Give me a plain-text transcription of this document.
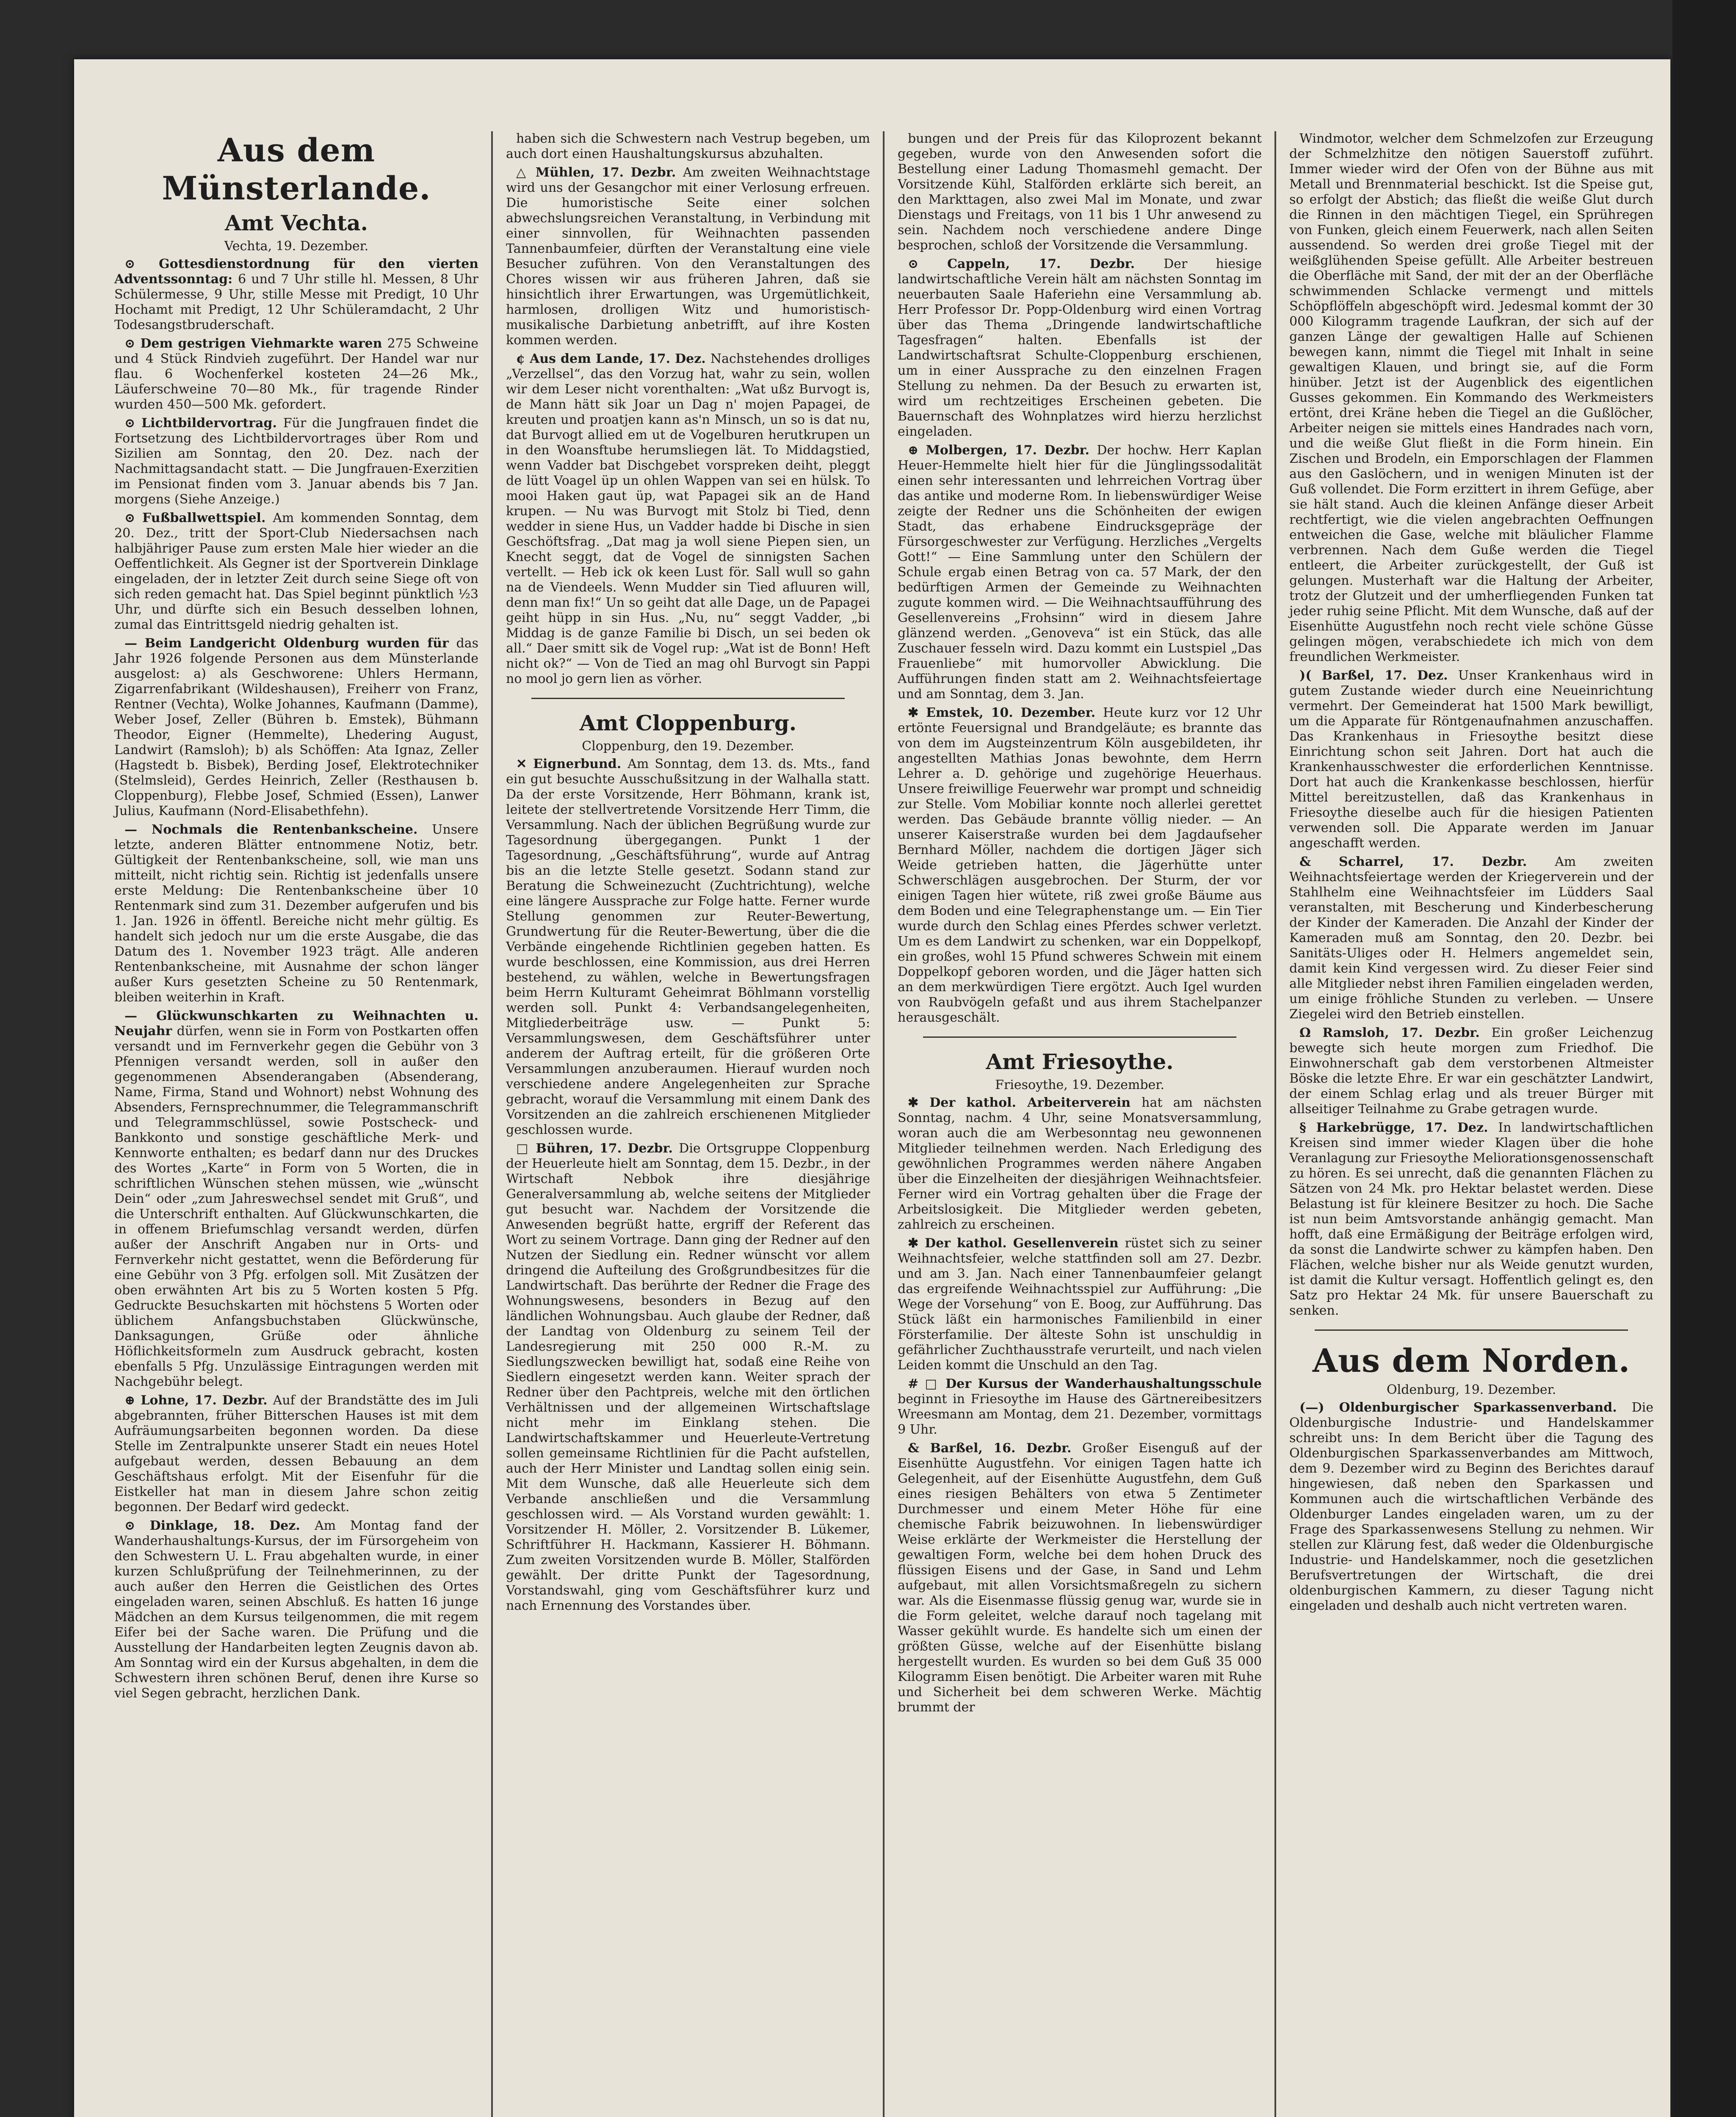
Aus dem Münsterlande.
Amt Vechta.
Vechta, 19. Dezember.

⊙ Gottesdienstordnung für den vierten Adventssonntag: 6 und 7 Uhr stille hl. Messen, 8 Uhr Schülermesse, 9 Uhr, stille Messe mit Predigt, 10 Uhr Hochamt mit Predigt, 12 Uhr Schüleramdacht, 2 Uhr Todesangstbruderschaft.

⊙ Dem gestrigen Viehmarkte waren 275 Schweine und 4 Stück Rindvieh zugeführt. Der Handel war nur flau. 6 Wochenferkel kosteten 24—26 Mk., Läuferschweine 70—80 Mk., für tragende Rinder wurden 450—500 Mk. gefordert.

⊙ Lichtbildervortrag. Für die Jungfrauen findet die Fortsetzung des Lichtbildervortrages über Rom und Sizilien am Sonntag, den 20. Dez. nach der Nachmittagsandacht statt. — Die Jungfrauen-Exerzitien im Pensionat finden vom 3. Januar abends bis 7 Jan. morgens (Siehe Anzeige.)

⊙ Fußballwettspiel. Am kommenden Sonntag, dem 20. Dez., tritt der Sport-Club Niedersachsen nach halbjähriger Pause zum ersten Male hier wieder an die Oeffentlichkeit. Als Gegner ist der Sportverein Dinklage eingeladen, der in letzter Zeit durch seine Siege oft von sich reden gemacht hat. Das Spiel beginnt pünktlich ½3 Uhr, und dürfte sich ein Besuch desselben lohnen, zumal das Eintrittsgeld niedrig gehalten ist.

— Beim Landgericht Oldenburg wurden für das Jahr 1926 folgende Personen aus dem Münsterlande ausgelost: a) als Geschworene: Uhlers Hermann, Zigarrenfabrikant (Wildeshausen), Freiherr von Franz, Rentner (Vechta), Wolke Johannes, Kaufmann (Damme), Weber Josef, Zeller (Bühren b. Emstek), Bühmann Theodor, Eigner (Hemmelte), Lhedering August, Landwirt (Ramsloh); b) als Schöffen: Ata Ignaz, Zeller (Hagstedt b. Bisbek), Berding Josef, Elektrotechniker (Stelmsleid), Gerdes Heinrich, Zeller (Resthausen b. Cloppenburg), Flebbe Josef, Schmied (Essen), Lanwer Julius, Kaufmann (Nord-Elisabethfehn).

— Nochmals die Rentenbankscheine. Unsere letzte, anderen Blätter entnommene Notiz, betr. Gültigkeit der Rentenbankscheine, soll, wie man uns mitteilt, nicht richtig sein. Richtig ist jedenfalls unsere erste Meldung: Die Rentenbankscheine über 10 Rentenmark sind zum 31. Dezember aufgerufen und bis 1. Jan. 1926 in öffentl. Bereiche nicht mehr gültig. Es handelt sich jedoch nur um die erste Ausgabe, die das Datum des 1. November 1923 trägt. Alle anderen Rentenbankscheine, mit Ausnahme der schon länger außer Kurs gesetzten Scheine zu 50 Rentenmark, bleiben weiterhin in Kraft.

— Glückwunschkarten zu Weihnachten u. Neujahr dürfen, wenn sie in Form von Postkarten offen versandt und im Fernverkehr gegen die Gebühr von 3 Pfennigen versandt werden, soll in außer den gegenommenen Absenderangaben (Absenderang, Name, Firma, Stand und Wohnort) nebst Wohnung des Absenders, Fernsprechnummer, die Telegrammanschrift und Telegrammschlüssel, sowie Postscheck- und Bankkonto und sonstige geschäftliche Merk- und Kennworte enthalten; es bedarf dann nur des Druckes des Wortes „Karte“ in Form von 5 Worten, die in schriftlichen Wünschen stehen müssen, wie „wünscht Dein“ oder „zum Jahreswechsel sendet mit Gruß“, und die Unterschrift enthalten. Auf Glückwunschkarten, die in offenem Briefumschlag versandt werden, dürfen außer der Anschrift Angaben nur in Orts- und Fernverkehr nicht gestattet, wenn die Beförderung für eine Gebühr von 3 Pfg. erfolgen soll. Mit Zusätzen der oben erwähnten Art bis zu 5 Worten kosten 5 Pfg. Gedruckte Besuchskarten mit höchstens 5 Worten oder üblichem Anfangsbuchstaben Glückwünsche, Danksagungen, Grüße oder ähnliche Höflichkeitsformeln zum Ausdruck gebracht, kosten ebenfalls 5 Pfg. Unzulässige Eintragungen werden mit Nachgebühr belegt.

⊕ Lohne, 17. Dezbr. Auf der Brandstätte des im Juli abgebrannten, früher Bitterschen Hauses ist mit dem Aufräumungsarbeiten begonnen worden. Da diese Stelle im Zentralpunkte unserer Stadt ein neues Hotel aufgebaut werden, dessen Bebauung an dem Geschäftshaus erfolgt. Mit der Eisenfuhr für die Eistkeller hat man in diesem Jahre schon zeitig begonnen. Der Bedarf wird gedeckt.

⊙ Dinklage, 18. Dez. Am Montag fand der Wanderhaushaltungs-Kursus, der im Fürsorgeheim von den Schwestern U. L. Frau abgehalten wurde, in einer kurzen Schlußprüfung der Teilnehmerinnen, zu der auch außer den Herren die Geistlichen des Ortes eingeladen waren, seinen Abschluß. Es hatten 16 junge Mädchen an dem Kursus teilgenommen, die mit regem Eifer bei der Sache waren. Die Prüfung und die Ausstellung der Handarbeiten legten Zeugnis davon ab. Am Sonntag wird ein der Kursus abgehalten, in dem die Schwestern ihren schönen Beruf, denen ihre Kurse so viel Segen gebracht, herzlichen Dank.

haben sich die Schwestern nach Vestrup begeben, um auch dort einen Haushaltungskursus abzuhalten.

△ Mühlen, 17. Dezbr. Am zweiten Weihnachtstage wird uns der Gesangchor mit einer Verlosung erfreuen. Die humoristische Seite einer solchen abwechslungsreichen Veranstaltung, in Verbindung mit einer sinnvollen, für Weihnachten passenden Tannenbaumfeier, dürften der Veranstaltung eine viele Besucher zuführen. Von den Veranstaltungen des Chores wissen wir aus früheren Jahren, daß sie hinsichtlich ihrer Erwartungen, was Urgemütlichkeit, harmlosen, drolligen Witz und humoristisch-musikalische Darbietung anbetrifft, auf ihre Kosten kommen werden.

¢ Aus dem Lande, 17. Dez. Nachstehendes drolliges „Verzellsel“, das den Vorzug hat, wahr zu sein, wollen wir dem Leser nicht vorenthalten: „Wat ußz Burvogt is, de Mann hätt sik Joar un Dag n' mojen Papagei, de kreuten und proatjen kann as'n Minsch, un so is dat nu, dat Burvogt allied em ut de Vogelburen herutkrupen un in den Woansftube herumsliegen lät. To Middagstied, wenn Vadder bat Dischgebet vorspreken deiht, pleggt de lütt Voagel üp un ohlen Wappen van sei en hülsk. To mooi Haken gaut üp, wat Papagei sik an de Hand krupen. — Nu was Burvogt mit Stolz bi Tied, denn wedder in siene Hus, un Vadder hadde bi Dische in sien Geschöftsfrag. „Dat mag ja woll siene Piepen sien, un Knecht seggt, dat de Vogel de sinnigsten Sachen vertellt. — Heb ick ok keen Lust för. Sall wull so gahn na de Viendeels. Wenn Mudder sin Tied afluuren will, denn man fix!“ Un so geiht dat alle Dage, un de Papagei geiht hüpp in sin Hus. „Nu, nu“ seggt Vadder, „bi Middag is de ganze Familie bi Disch, un sei beden ok all.“ Daer smitt sik de Vogel rup: „Wat ist de Bonn! Heft nicht ok?“ — Von de Tied an mag ohl Burvogt sin Pappi no mool jo gern lien as vörher.

Amt Cloppenburg.
Cloppenburg, den 19. Dezember.

✕ Eignerbund. Am Sonntag, dem 13. ds. Mts., fand ein gut besuchte Ausschußsitzung in der Walhalla statt. Da der erste Vorsitzende, Herr Böhmann, krank ist, leitete der stellvertretende Vorsitzende Herr Timm, die Versammlung. Nach der üblichen Begrüßung wurde zur Tagesordnung übergegangen. Punkt 1 der Tagesordnung, „Geschäftsführung“, wurde auf Antrag bis an die letzte Stelle gesetzt. Sodann stand zur Beratung die Schweinezucht (Zuchtrichtung), welche eine längere Aussprache zur Folge hatte. Ferner wurde Stellung genommen zur Reuter-Bewertung, Grundwertung für die Reuter-Bewertung, über die die Verbände eingehende Richtlinien gegeben hatten. Es wurde beschlossen, eine Kommission, aus drei Herren bestehend, zu wählen, welche in Bewertungsfragen beim Herrn Kulturamt Geheimrat Böhlmann vorstellig werden soll. Punkt 4: Verbandsangelegenheiten, Mitgliederbeiträge usw. — Punkt 5: Versammlungswesen, dem Geschäftsführer unter anderem der Auftrag erteilt, für die größeren Orte Versammlungen anzuberaumen. Hierauf wurden noch verschiedene andere Angelegenheiten zur Sprache gebracht, worauf die Versammlung mit einem Dank des Vorsitzenden an die zahlreich erschienenen Mitglieder geschlossen wurde.

□ Bühren, 17. Dezbr. Die Ortsgruppe Cloppenburg der Heuerleute hielt am Sonntag, dem 15. Dezbr., in der Wirtschaft Nebbok ihre diesjährige Generalversammlung ab, welche seitens der Mitglieder gut besucht war. Nachdem der Vorsitzende die Anwesenden begrüßt hatte, ergriff der Referent das Wort zu seinem Vortrage. Dann ging der Redner auf den Nutzen der Siedlung ein. Redner wünscht vor allem dringend die Aufteilung des Großgrundbesitzes für die Landwirtschaft. Das berührte der Redner die Frage des Wohnungswesens, besonders in Bezug auf den ländlichen Wohnungsbau. Auch glaube der Redner, daß der Landtag von Oldenburg zu seinem Teil der Landesregierung mit 250 000 R.-M. zu Siedlungszwecken bewilligt hat, sodaß eine Reihe von Siedlern eingesetzt werden kann. Weiter sprach der Redner über den Pachtpreis, welche mit den örtlichen Verhältnissen und der allgemeinen Wirtschaftslage nicht mehr im Einklang stehen. Die Landwirtschaftskammer und Heuerleute-Vertretung sollen gemeinsame Richtlinien für die Pacht aufstellen, auch der Herr Minister und Landtag sollen einig sein. Mit dem Wunsche, daß alle Heuerleute sich dem Verbande anschließen und die Versammlung geschlossen wird. — Als Vorstand wurden gewählt: 1. Vorsitzender H. Möller, 2. Vorsitzender B. Lükemer, Schriftführer H. Hackmann, Kassierer H. Böhmann. Zum zweiten Vorsitzenden wurde B. Möller, Stalförden gewählt. Der dritte Punkt der Tagesordnung, Vorstandswahl, ging vom Geschäftsführer kurz und nach Ernennung des Vorstandes über.

bungen und der Preis für das Kiloprozent bekannt gegeben, wurde von den Anwesenden sofort die Bestellung einer Ladung Thomasmehl gemacht. Der Vorsitzende Kühl, Stalförden erklärte sich bereit, an den Markttagen, also zwei Mal im Monate, und zwar Dienstags und Freitags, von 11 bis 1 Uhr anwesend zu sein. Nachdem noch verschiedene andere Dinge besprochen, schloß der Vorsitzende die Versammlung.

⊙ Cappeln, 17. Dezbr. Der hiesige landwirtschaftliche Verein hält am nächsten Sonntag im neuerbauten Saale Haferiehn eine Versammlung ab. Herr Professor Dr. Popp-Oldenburg wird einen Vortrag über das Thema „Dringende landwirtschaftliche Tagesfragen“ halten. Ebenfalls ist der Landwirtschaftsrat Schulte-Cloppenburg erschienen, um in einer Aussprache zu den einzelnen Fragen Stellung zu nehmen. Da der Besuch zu erwarten ist, wird um rechtzeitiges Erscheinen gebeten. Die Bauernschaft des Wohnplatzes wird hierzu herzlichst eingeladen.

⊕ Molbergen, 17. Dezbr. Der hochw. Herr Kaplan Heuer-Hemmelte hielt hier für die Jünglingssodalität einen sehr interessanten und lehrreichen Vortrag über das antike und moderne Rom. In liebenswürdiger Weise zeigte der Redner uns die Schönheiten der ewigen Stadt, das erhabene Eindrucksgepräge der Fürsorgeschwester zur Verfügung. Herzliches „Vergelts Gott!“ — Eine Sammlung unter den Schülern der Schule ergab einen Betrag von ca. 57 Mark, der den bedürftigen Armen der Gemeinde zu Weihnachten zugute kommen wird. — Die Weihnachtsaufführung des Gesellenvereins „Frohsinn“ wird in diesem Jahre glänzend werden. „Genoveva“ ist ein Stück, das alle Zuschauer fesseln wird. Dazu kommt ein Lustspiel „Das Frauenliebe“ mit humorvoller Abwicklung. Die Aufführungen finden statt am 2. Weihnachtsfeiertage und am Sonntag, dem 3. Jan.

✱ Emstek, 10. Dezember. Heute kurz vor 12 Uhr ertönte Feuersignal und Brandgeläute; es brannte das von dem im Augsteinzentrum Köln ausgebildeten, ihr angestellten Mathias Jonas bewohnte, dem Herrn Lehrer a. D. gehörige und zugehörige Heuerhaus. Unsere freiwillige Feuerwehr war prompt und schneidig zur Stelle. Vom Mobiliar konnte noch allerlei gerettet werden. Das Gebäude brannte völlig nieder. — An unserer Kaiserstraße wurden bei dem Jagdaufseher Bernhard Möller, nachdem die dortigen Jäger sich Weide getrieben hatten, die Jägerhütte unter Schwerschlägen ausgebrochen. Der Sturm, der vor einigen Tagen hier wütete, riß zwei große Bäume aus dem Boden und eine Telegraphenstange um. — Ein Tier wurde durch den Schlag eines Pferdes schwer verletzt. Um es dem Landwirt zu schenken, war ein Doppelkopf, ein großes, wohl 15 Pfund schweres Schwein mit einem Doppelkopf geboren worden, und die Jäger hatten sich an dem merkwürdigen Tiere ergötzt. Auch Igel wurden von Raubvögeln gefaßt und aus ihrem Stachelpanzer herausgeschält.

Amt Friesoythe.
Friesoythe, 19. Dezember.

✱ Der kathol. Arbeiterverein hat am nächsten Sonntag, nachm. 4 Uhr, seine Monatsversammlung, woran auch die am Werbesonntag neu gewonnenen Mitglieder teilnehmen werden. Nach Erledigung des gewöhnlichen Programmes werden nähere Angaben über die Einzelheiten der diesjährigen Weihnachtsfeier. Ferner wird ein Vortrag gehalten über die Frage der Arbeitslosigkeit. Die Mitglieder werden gebeten, zahlreich zu erscheinen.

✱ Der kathol. Gesellenverein rüstet sich zu seiner Weihnachtsfeier, welche stattfinden soll am 27. Dezbr. und am 3. Jan. Nach einer Tannenbaumfeier gelangt das ergreifende Weihnachtsspiel zur Aufführung: „Die Wege der Vorsehung“ von E. Boog, zur Aufführung. Das Stück läßt ein harmonisches Familienbild in einer Försterfamilie. Der älteste Sohn ist unschuldig in gefährlicher Zuchthausstrafe verurteilt, und nach vielen Leiden kommt die Unschuld an den Tag.

# □ Der Kursus der Wanderhaushaltungsschule beginnt in Friesoythe im Hause des Gärtnereibesitzers Wreesmann am Montag, dem 21. Dezember, vormittags 9 Uhr.

& Barßel, 16. Dezbr. Großer Eisenguß auf der Eisenhütte Augustfehn. Vor einigen Tagen hatte ich Gelegenheit, auf der Eisenhütte Augustfehn, dem Guß eines riesigen Behälters von etwa 5 Zentimeter Durchmesser und einem Meter Höhe für eine chemische Fabrik beizuwohnen. In liebenswürdiger Weise erklärte der Werkmeister die Herstellung der gewaltigen Form, welche bei dem hohen Druck des flüssigen Eisens und der Gase, in Sand und Lehm aufgebaut, mit allen Vorsichtsmaßregeln zu sichern war. Als die Eisenmasse flüssig genug war, wurde sie in die Form geleitet, welche darauf noch tagelang mit Wasser gekühlt wurde. Es handelte sich um einen der größten Güsse, welche auf der Eisenhütte bislang hergestellt wurden. Es wurden so bei dem Guß 35 000 Kilogramm Eisen benötigt. Die Arbeiter waren mit Ruhe und Sicherheit bei dem schweren Werke. Mächtig brummt der

Windmotor, welcher dem Schmelzofen zur Erzeugung der Schmelzhitze den nötigen Sauerstoff zuführt. Immer wieder wird der Ofen von der Bühne aus mit Metall und Brennmaterial beschickt. Ist die Speise gut, so erfolgt der Abstich; das fließt die weiße Glut durch die Rinnen in den mächtigen Tiegel, ein Sprühregen von Funken, gleich einem Feuerwerk, nach allen Seiten aussendend. So werden drei große Tiegel mit der weißglühenden Speise gefüllt. Alle Arbeiter bestreuen die Oberfläche mit Sand, der mit der an der Oberfläche schwimmenden Schlacke vermengt und mittels Schöpflöffeln abgeschöpft wird. Jedesmal kommt der 30 000 Kilogramm tragende Laufkran, der sich auf der ganzen Länge der gewaltigen Halle auf Schienen bewegen kann, nimmt die Tiegel mit Inhalt in seine gewaltigen Klauen, und bringt sie, auf die Form hinüber. Jetzt ist der Augenblick des eigentlichen Gusses gekommen. Ein Kommando des Werkmeisters ertönt, drei Kräne heben die Tiegel an die Gußlöcher, Arbeiter neigen sie mittels eines Handrades nach vorn, und die weiße Glut fließt in die Form hinein. Ein Zischen und Brodeln, ein Emporschlagen der Flammen aus den Gaslöchern, und in wenigen Minuten ist der Guß vollendet. Die Form erzittert in ihrem Gefüge, aber sie hält stand. Auch die kleinen Anfänge dieser Arbeit rechtfertigt, wie die vielen angebrachten Oeffnungen entweichen die Gase, welche mit bläulicher Flamme verbrennen. Nach dem Guße werden die Tiegel entleert, die Arbeiter zurückgestellt, der Guß ist gelungen. Musterhaft war die Haltung der Arbeiter, trotz der Glutzeit und der umherfliegenden Funken tat jeder ruhig seine Pflicht. Mit dem Wunsche, daß auf der Eisenhütte Augustfehn noch recht viele schöne Güsse gelingen mögen, verabschiedete ich mich von dem freundlichen Werkmeister.

)( Barßel, 17. Dez. Unser Krankenhaus wird in gutem Zustande wieder durch eine Neueinrichtung vermehrt. Der Gemeinderat hat 1500 Mark bewilligt, um die Apparate für Röntgenaufnahmen anzuschaffen. Das Krankenhaus in Friesoythe besitzt diese Einrichtung schon seit Jahren. Dort hat auch die Krankenhausschwester die erforderlichen Kenntnisse. Dort hat auch die Krankenkasse beschlossen, hierfür Mittel bereitzustellen, daß das Krankenhaus in Friesoythe dieselbe auch für die hiesigen Patienten verwenden soll. Die Apparate werden im Januar angeschafft werden.

& Scharrel, 17. Dezbr. Am zweiten Weihnachtsfeiertage werden der Kriegerverein und der Stahlhelm eine Weihnachtsfeier im Lüdders Saal veranstalten, mit Bescherung und Kinderbescherung der Kinder der Kameraden. Die Anzahl der Kinder der Kameraden muß am Sonntag, den 20. Dezbr. bei Sanitäts-Uliges oder H. Helmers angemeldet sein, damit kein Kind vergessen wird. Zu dieser Feier sind alle Mitglieder nebst ihren Familien eingeladen werden, um einige fröhliche Stunden zu verleben. — Unsere Ziegelei wird den Betrieb einstellen.

Ω Ramsloh, 17. Dezbr. Ein großer Leichenzug bewegte sich heute morgen zum Friedhof. Die Einwohnerschaft gab dem verstorbenen Altmeister Böske die letzte Ehre. Er war ein geschätzter Landwirt, der einem Schlag erlag und als treuer Bürger mit allseitiger Teilnahme zu Grabe getragen wurde.

§ Harkebrügge, 17. Dez. In landwirtschaftlichen Kreisen sind immer wieder Klagen über die hohe Veranlagung zur Friesoythe Meliorationsgenossenschaft zu hören. Es sei unrecht, daß die genannten Flächen zu Sätzen von 24 Mk. pro Hektar belastet werden. Diese Belastung ist für kleinere Besitzer zu hoch. Die Sache ist nun beim Amtsvorstande anhängig gemacht. Man hofft, daß eine Ermäßigung der Beiträge erfolgen wird, da sonst die Landwirte schwer zu kämpfen haben. Den Flächen, welche bisher nur als Weide genutzt wurden, ist damit die Kultur versagt. Hoffentlich gelingt es, den Satz pro Hektar 24 Mk. für unsere Bauerschaft zu senken.

Aus dem Norden.
Oldenburg, 19. Dezember.

(—) Oldenburgischer Sparkassenverband. Die Oldenburgische Industrie- und Handelskammer schreibt uns: In dem Bericht über die Tagung des Oldenburgischen Sparkassenverbandes am Mittwoch, dem 9. Dezember wird zu Beginn des Berichtes darauf hingewiesen, daß neben den Sparkassen und Kommunen auch die wirtschaftlichen Verbände des Oldenburger Landes eingeladen waren, um zu der Frage des Sparkassenwesens Stellung zu nehmen. Wir stellen zur Klärung fest, daß weder die Oldenburgische Industrie- und Handelskammer, noch die gesetzlichen Berufsvertretungen der Wirtschaft, die drei oldenburgischen Kammern, zu dieser Tagung nicht eingeladen und deshalb auch nicht vertreten waren.
